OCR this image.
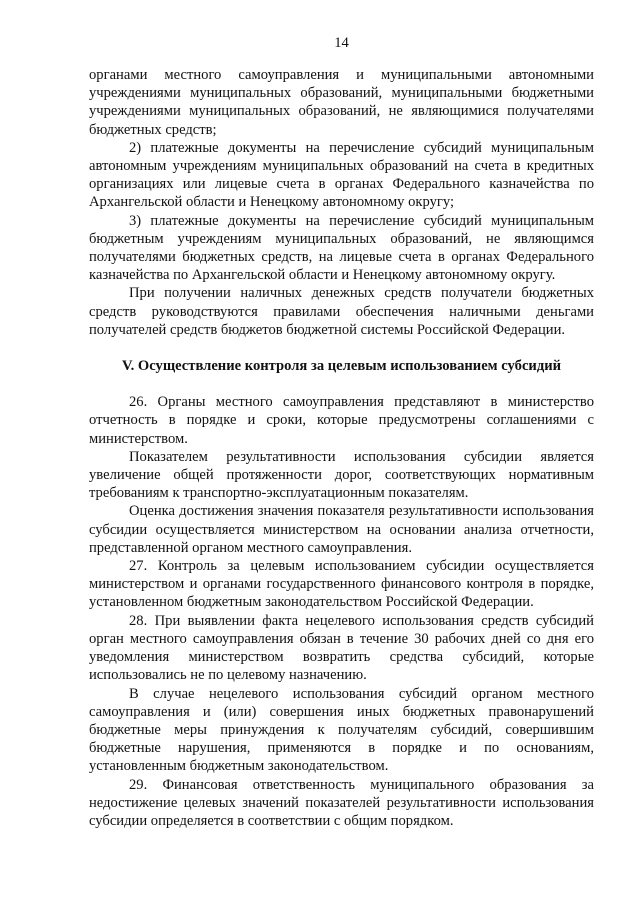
14

органами местного самоуправления и муниципальными автономными учреждениями муниципальных образований, муниципальными бюджетными учреждениями муниципальных образований, не являющимися получателями бюджетных средств;

2) платежные документы на перечисление субсидий муниципальным автономным учреждениям муниципальных образований на счета в кредитных организациях или лицевые счета в органах Федерального казначейства по Архангельской области и Ненецкому автономному округу;

3) платежные документы на перечисление субсидий муниципальным бюджетным учреждениям муниципальных образований, не являющимся получателями бюджетных средств, на лицевые счета в органах Федерального казначейства по Архангельской области и Ненецкому автономному округу.

При получении наличных денежных средств получатели бюджетных средств руководствуются правилами обеспечения наличными деньгами получателей средств бюджетов бюджетной системы Российской Федерации.

V. Осуществление контроля за целевым использованием субсидий

26. Органы местного самоуправления представляют в министерство отчетность в порядке и сроки, которые предусмотрены соглашениями с министерством.

Показателем результативности использования субсидии является увеличение общей протяженности дорог, соответствующих нормативным требованиям к транспортно-эксплуатационным показателям.

Оценка достижения значения показателя результативности использования субсидии осуществляется министерством на основании анализа отчетности, представленной органом местного самоуправления.

27. Контроль за целевым использованием субсидии осуществляется министерством и органами государственного финансового контроля в порядке, установленном бюджетным законодательством Российской Федерации.

28. При выявлении факта нецелевого использования средств субсидий орган местного самоуправления обязан в течение 30 рабочих дней со дня его уведомления министерством возвратить средства субсидий, которые использовались не по целевому назначению.

В случае нецелевого использования субсидий органом местного самоуправления и (или) совершения иных бюджетных правонарушений бюджетные меры принуждения к получателям субсидий, совершившим бюджетные нарушения, применяются в порядке и по основаниям, установленным бюджетным законодательством.

29. Финансовая ответственность муниципального образования за недостижение целевых значений показателей результативности использования субсидии определяется в соответствии с общим порядком.
